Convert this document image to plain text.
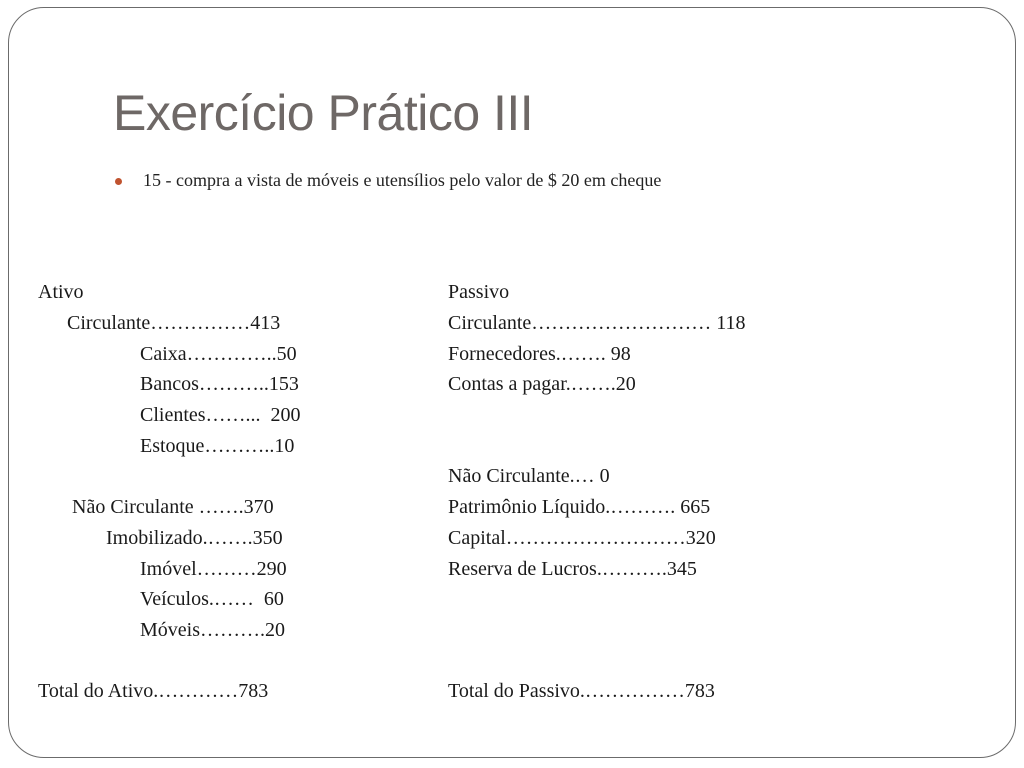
Exercício Prático III
15 - compra a vista de móveis e utensílios pelo valor de $ 20 em cheque
Ativo
Circulante……………413
Caixa…………..50
Bancos………..153
Clientes……...  200
Estoque………..10
Não Circulante …….370
Imobilizado.…….350
Imóvel………290
Veículos.……  60
Móveis……….20
Total do Ativo.…………783
Passivo
Circulante……………………… 118
Fornecedores.……. 98
Contas a pagar.…….20
Não Circulante.… 0
Patrimônio Líquido.………. 665
Capital………………………320
Reserva de Lucros.……….345
Total do Passivo.……………783
